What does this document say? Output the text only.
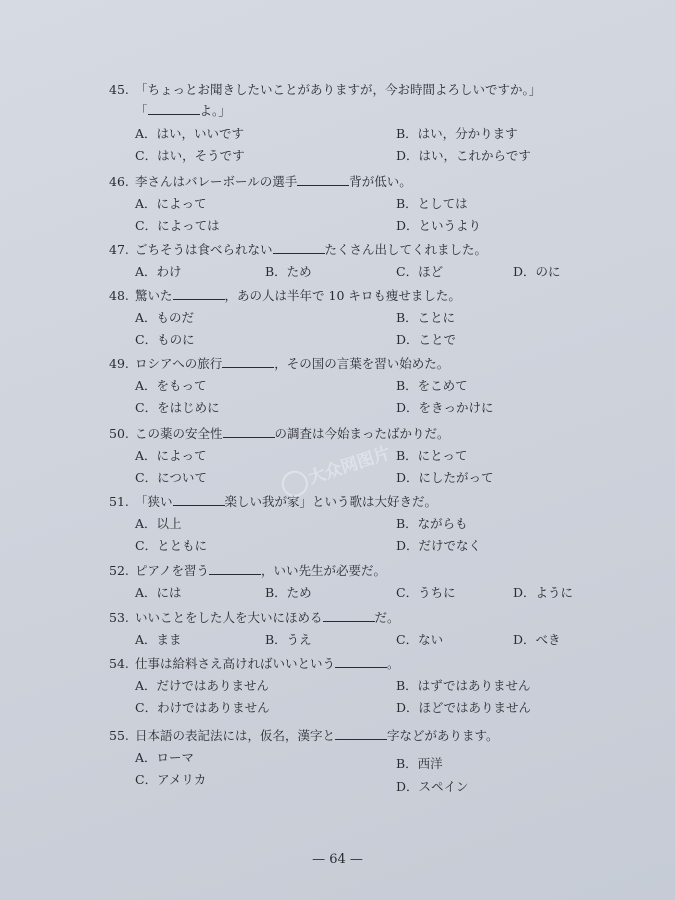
45. 「ちょっとお聞きしたいことがありますが，今お時間よろしいですか。」
「	よ。」
A．はい，いいです	B．はい，分かります
C．はい，そうです	D．はい，これからです
46. 李さんはバレーボールの選手	背が低い。
A．によって	B．としては
C．によっては	D．というより
47. ごちそうは食べられない	たくさん出してくれました。
A．わけ	B．ため	C．ほど	D．のに
48. 驚いた	，あの人は半年で 10 キロも痩せました。
A．ものだ	B．ことに
C．ものに	D．ことで
49. ロシアへの旅行	，その国の言葉を習い始めた。
A．をもって	B．をこめて
C．をはじめに	D．をきっかけに
50. この薬の安全性	の調査は今始まったばかりだ。
A．によって	B．にとって
C．について	D．にしたがって
51. 「狭い	楽しい我が家」という歌は大好きだ。
A．以上	B．ながらも
C．とともに	D．だけでなく
52. ピアノを習う	，いい先生が必要だ。
A．には	B．ため	C．うちに	D．ように
53. いいことをした人を大いにほめる	だ。
A．まま	B．うえ	C．ない	D．べき
54. 仕事は給料さえ高ければいいという	。
A．だけではありません	B．はずではありません
C．わけではありません	D．ほどではありません
55. 日本語の表記法には，仮名，漢字と	字などがあります。
A．ローマ	B．西洋
C．アメリカ	D．スペイン
大众网图片
— 64 —
